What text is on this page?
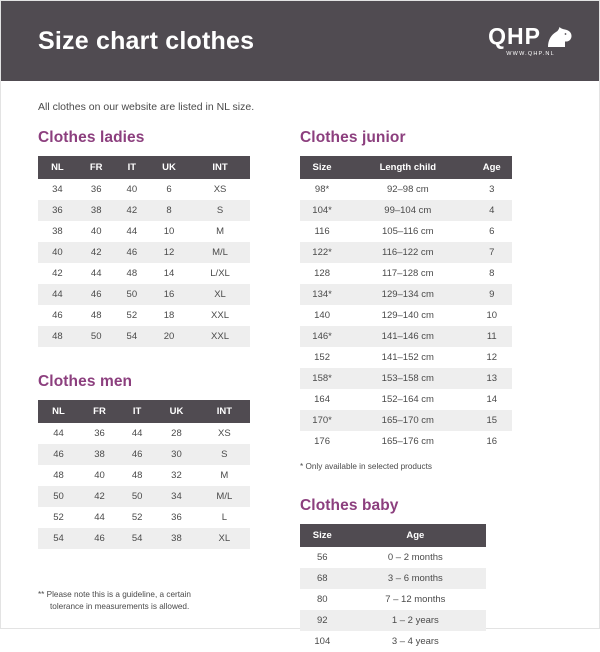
Size chart clothes	QHP
WWW.QHP.NL
All clothes on our website are listed in NL size.
Clothes ladies
NL	FR	IT	UK	INT
34	36	40	6	XS
36	38	42	8	S
38	40	44	10	M
40	42	46	12	M/L
42	44	48	14	L/XL
44	46	50	16	XL
46	48	52	18	XXL
48	50	54	20	XXL
Clothes men
NL	FR	IT	UK	INT
44	36	44	28	XS
46	38	46	30	S
48	40	48	32	M
50	42	50	34	M/L
52	44	52	36	L
54	46	54	38	XL
** Please note this is a guideline, a certain
tolerance in measurements is allowed.
Clothes junior
Size	Length child	Age
98*	92–98 cm	3
104*	99–104 cm	4
116	105–116 cm	6
122*	116–122 cm	7
128	117–128 cm	8
134*	129–134 cm	9
140	129–140 cm	10
146*	141–146 cm	11
152	141–152 cm	12
158*	153–158 cm	13
164	152–164 cm	14
170*	165–170 cm	15
176	165–176 cm	16
* Only available in selected products
Clothes baby
Size	Age
56	0 – 2 months
68	3 – 6 months
80	7 – 12 months
92	1 – 2 years
104	3 – 4 years
